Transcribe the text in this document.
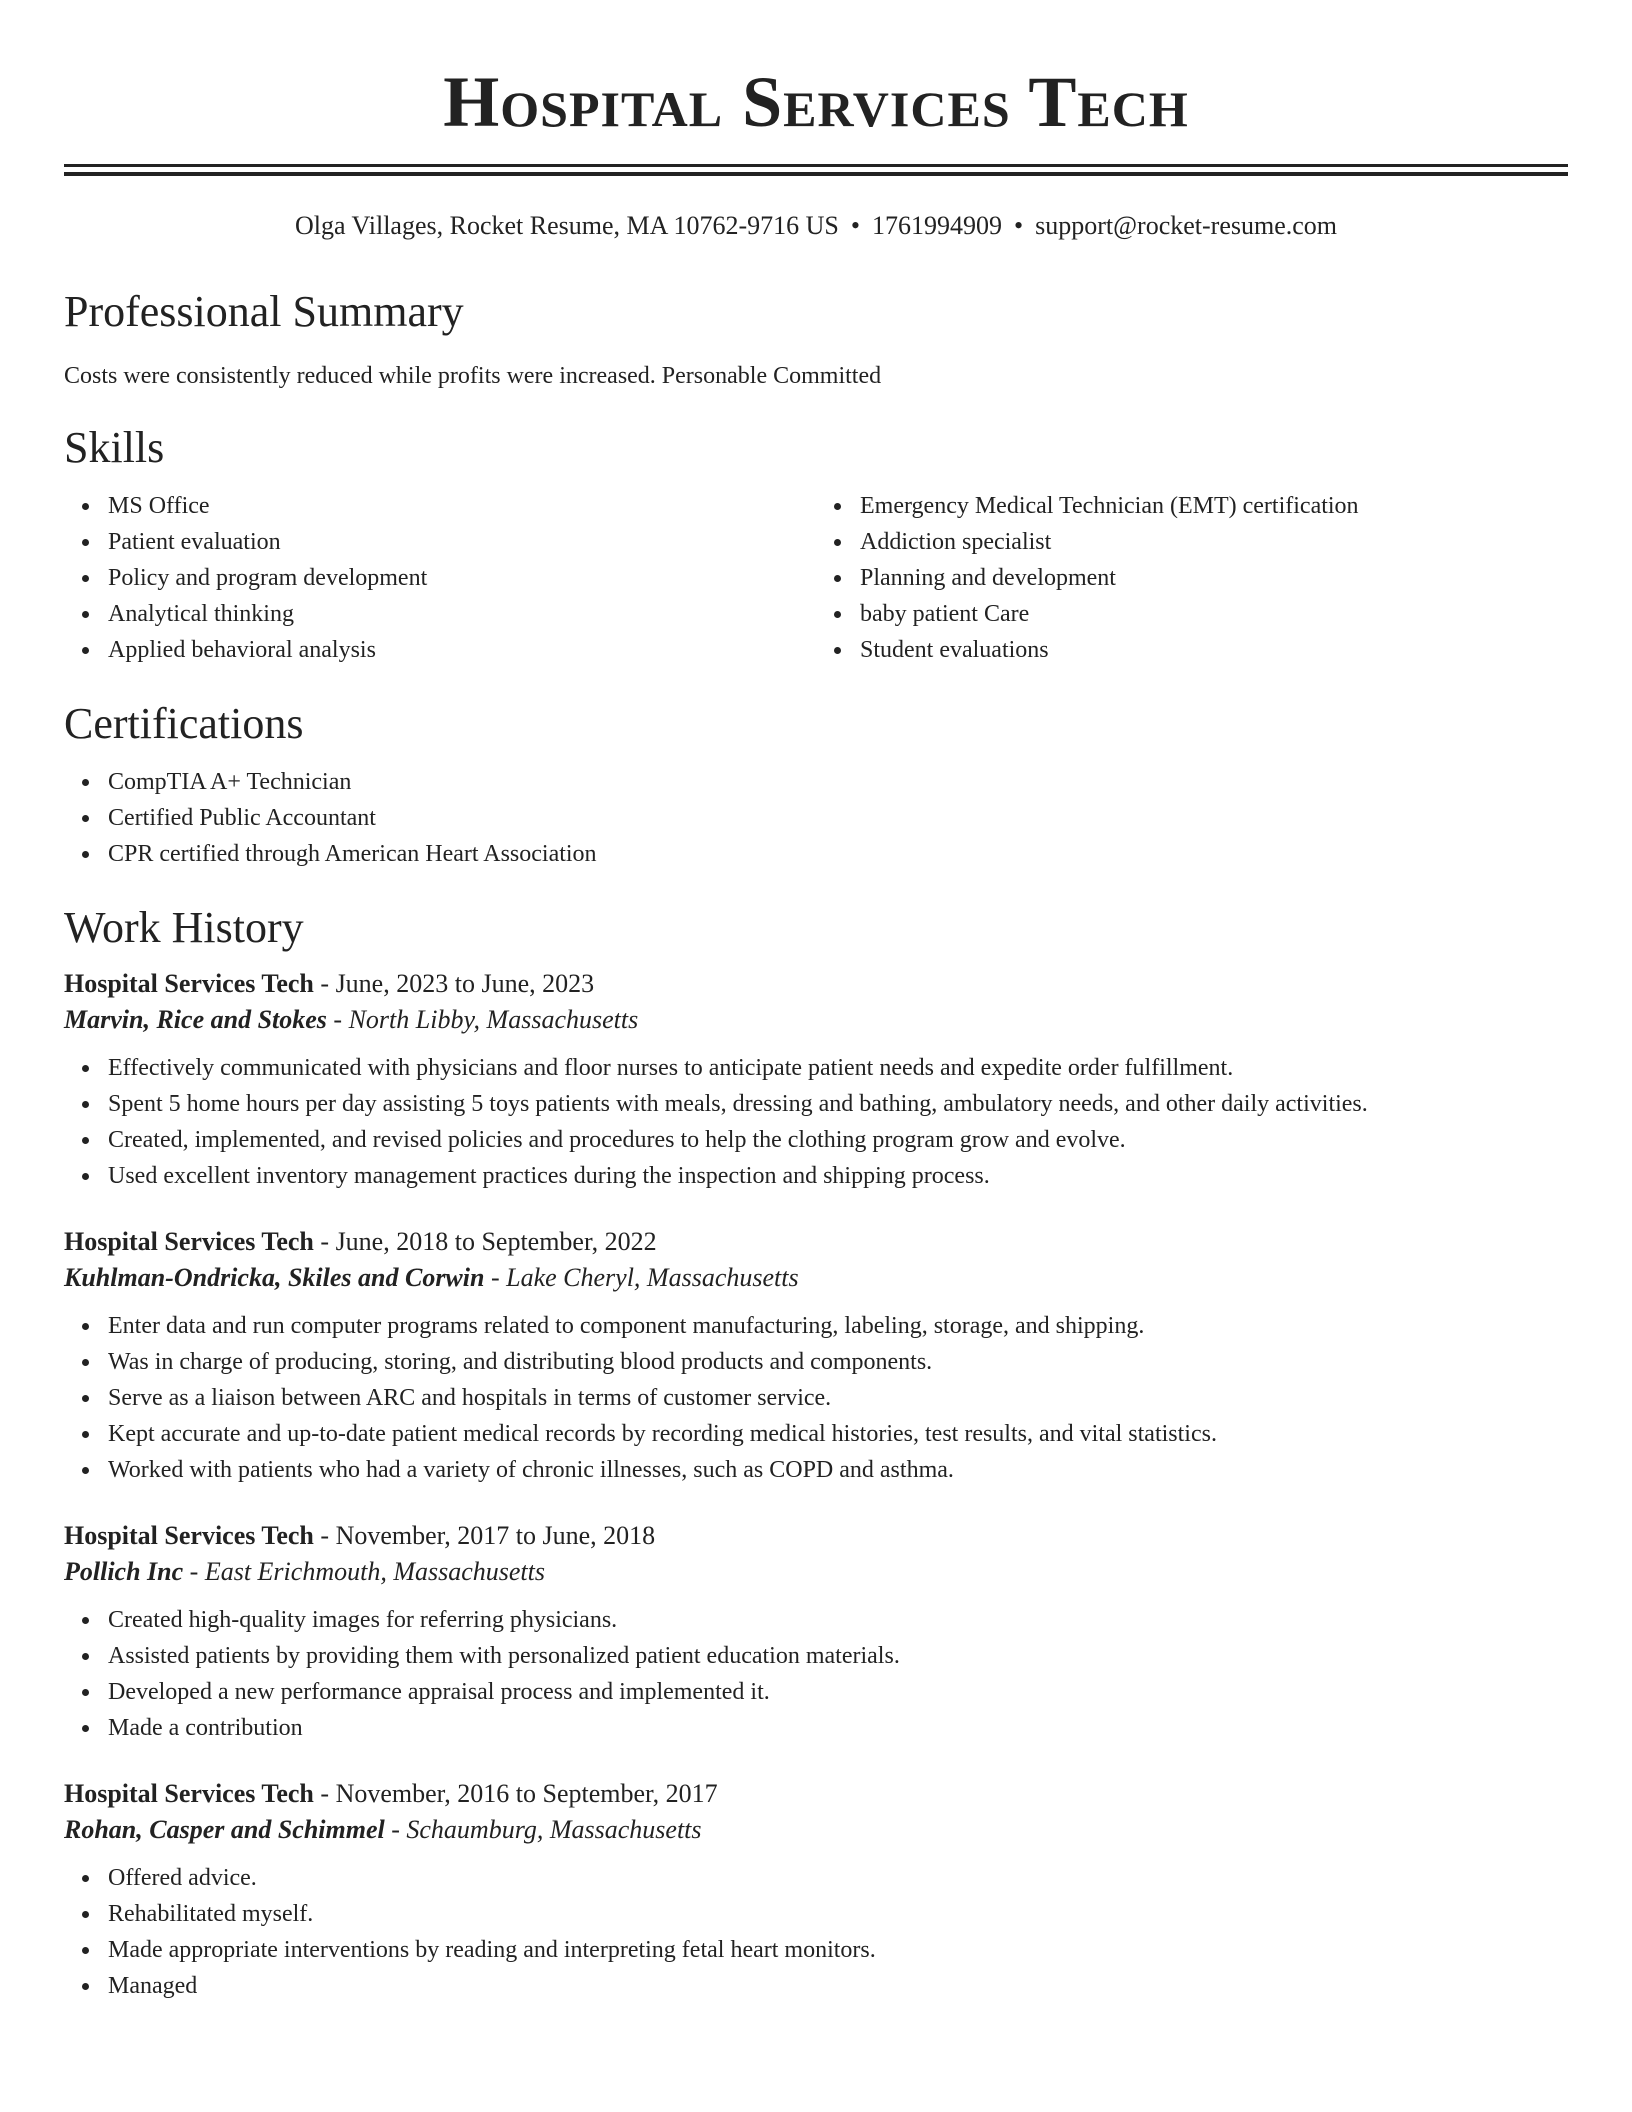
Hospital Services Tech
Olga Villages, Rocket Resume, MA 10762-9716 US • 1761994909 • support@rocket-resume.com
Professional Summary

Costs were consistently reduced while profits were increased. Personable Committed

Skills
MS Office
Patient evaluation
Policy and program development
Analytical thinking
Applied behavioral analysis
Emergency Medical Technician (EMT) certification
Addiction specialist
Planning and development
baby patient Care
Student evaluations
Certifications
CompTIA A+ Technician
Certified Public Accountant
CPR certified through American Heart Association
Work History
Hospital Services Tech - June, 2023 to June, 2023
Marvin, Rice and Stokes - North Libby, Massachusetts
Effectively communicated with physicians and floor nurses to anticipate patient needs and expedite order fulfillment.
Spent 5 home hours per day assisting 5 toys patients with meals, dressing and bathing, ambulatory needs, and other daily activities.
Created, implemented, and revised policies and procedures to help the clothing program grow and evolve.
Used excellent inventory management practices during the inspection and shipping process.
Hospital Services Tech - June, 2018 to September, 2022
Kuhlman-Ondricka, Skiles and Corwin - Lake Cheryl, Massachusetts
Enter data and run computer programs related to component manufacturing, labeling, storage, and shipping.
Was in charge of producing, storing, and distributing blood products and components.
Serve as a liaison between ARC and hospitals in terms of customer service.
Kept accurate and up-to-date patient medical records by recording medical histories, test results, and vital statistics.
Worked with patients who had a variety of chronic illnesses, such as COPD and asthma.
Hospital Services Tech - November, 2017 to June, 2018
Pollich Inc - East Erichmouth, Massachusetts
Created high-quality images for referring physicians.
Assisted patients by providing them with personalized patient education materials.
Developed a new performance appraisal process and implemented it.
Made a contribution
Hospital Services Tech - November, 2016 to September, 2017
Rohan, Casper and Schimmel - Schaumburg, Massachusetts
Offered advice.
Rehabilitated myself.
Made appropriate interventions by reading and interpreting fetal heart monitors.
Managed
